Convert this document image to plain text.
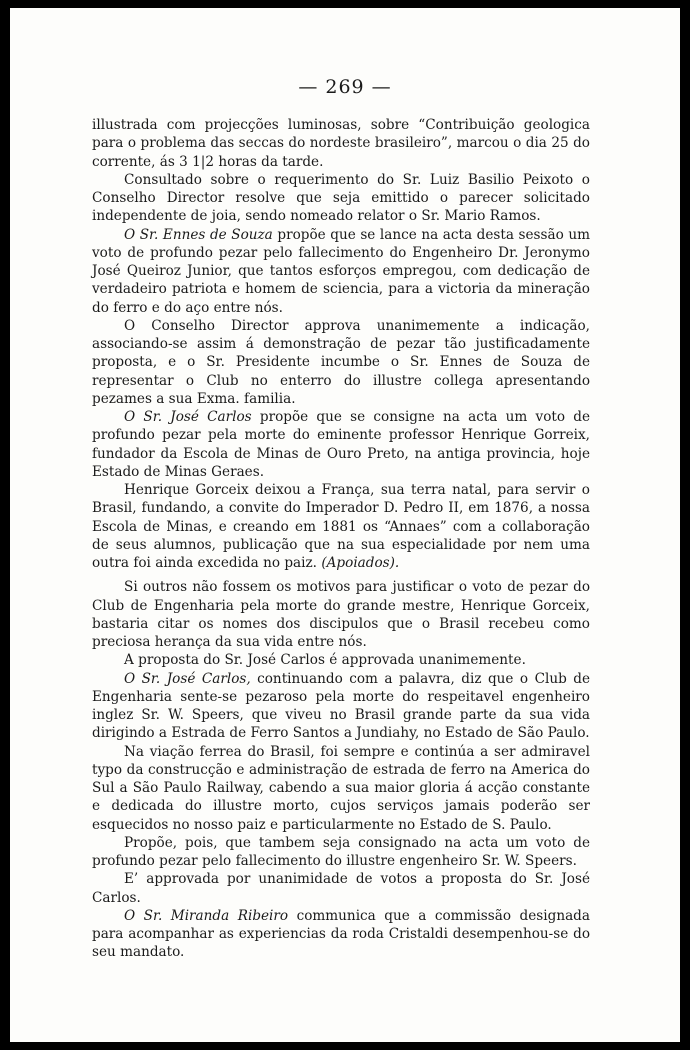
— 269 —

illustrada com projecções luminosas, sobre “Contribuição geologica para o problema das seccas do nordeste brasileiro”, marcou o dia 25 do corrente, ás 3 1|2 horas da tarde.

Consultado sobre o requerimento do Sr. Luiz Basilio Peixoto o Conselho Director resolve que seja emittido o parecer solicitado independente de joia, sendo nomeado relator o Sr. Mario Ramos.

O Sr. Ennes de Souza propõe que se lance na acta desta sessão um voto de profundo pezar pelo fallecimento do Engenheiro Dr. Jeronymo José Queiroz Junior, que tantos esforços empregou, com dedicação de verdadeiro patriota e homem de sciencia, para a victoria da mineração do ferro e do aço entre nós.

O Conselho Director approva unanimemente a indicação, associando-se assim á demonstração de pezar tão justificadamente proposta, e o Sr. Presidente incumbe o Sr. Ennes de Souza de representar o Club no enterro do illustre collega apresentando pezames a sua Exma. familia.

O Sr. José Carlos propõe que se consigne na acta um voto de profundo pezar pela morte do eminente professor Henrique Gorreix, fundador da Escola de Minas de Ouro Preto, na antiga provincia, hoje Estado de Minas Geraes.

Henrique Gorceix deixou a França, sua terra natal, para servir o Brasil, fundando, a convite do Imperador D. Pedro II, em 1876, a nossa Escola de Minas, e creando em 1881 os “Annaes” com a collaboração de seus alumnos, publicação que na sua especialidade por nem uma outra foi ainda excedida no paiz. (Apoiados).

Si outros não fossem os motivos para justificar o voto de pezar do Club de Engenharia pela morte do grande mestre, Henrique Gorceix, bastaria citar os nomes dos discipulos que o Brasil recebeu como preciosa herança da sua vida entre nós.

A proposta do Sr. José Carlos é approvada unanimemente.

O Sr. José Carlos, continuando com a palavra, diz que o Club de Engenharia sente-se pezaroso pela morte do respeitavel engenheiro inglez Sr. W. Speers, que viveu no Brasil grande parte da sua vida dirigindo a Estrada de Ferro Santos a Jundiahy, no Estado de São Paulo.

Na viação ferrea do Brasil, foi sempre e continúa a ser admiravel typo da construcção e administração de estrada de ferro na America do Sul a São Paulo Railway, cabendo a sua maior gloria á acção constante e dedicada do illustre morto, cujos serviços jamais poderão ser esquecidos no nosso paiz e particularmente no Estado de S. Paulo.

Propõe, pois, que tambem seja consignado na acta um voto de profundo pezar pelo fallecimento do illustre engenheiro Sr. W. Speers.

E’ approvada por unanimidade de votos a proposta do Sr. José Carlos.

O Sr. Miranda Ribeiro communica que a commissão designada para acompanhar as experiencias da roda Cristaldi desempenhou-se do seu mandato.
